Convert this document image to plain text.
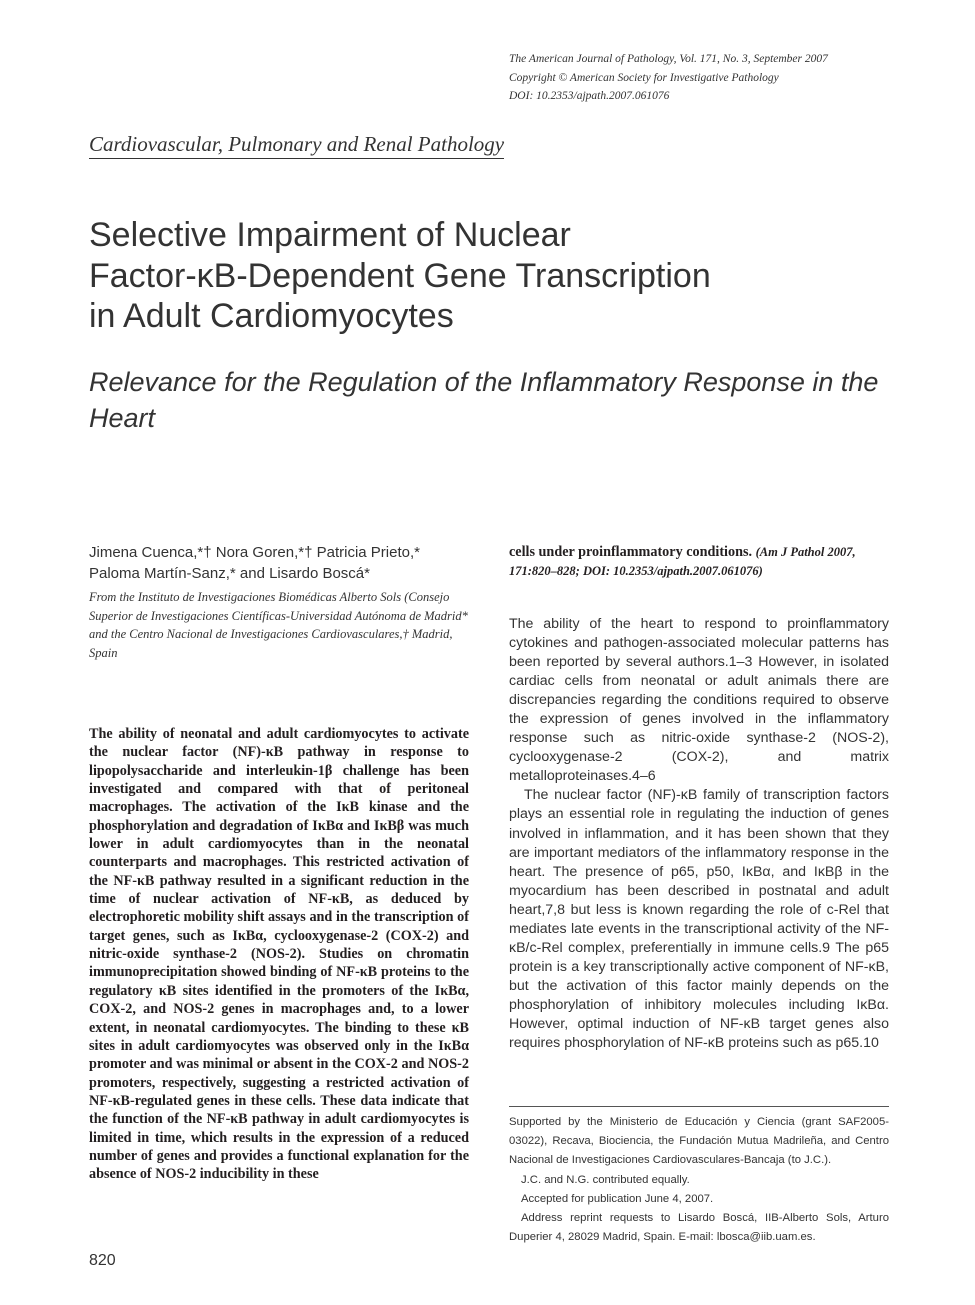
The American Journal of Pathology, Vol. 171, No. 3, September 2007
Copyright © American Society for Investigative Pathology
DOI: 10.2353/ajpath.2007.061076
Cardiovascular, Pulmonary and Renal Pathology
Selective Impairment of Nuclear
Factor-κB-Dependent Gene Transcription
in Adult Cardiomyocytes
Relevance for the Regulation of the Inflammatory Response in the Heart
Jimena Cuenca,*† Nora Goren,*† Patricia Prieto,*
Paloma Martín-Sanz,* and Lisardo Boscá*
From the Instituto de Investigaciones Biomédicas Alberto Sols (Consejo Superior de Investigaciones Científicas-Universidad Autónoma de Madrid* and the Centro Nacional de Investigaciones Cardiovasculares,† Madrid, Spain
The ability of neonatal and adult cardiomyocytes to activate the nuclear factor (NF)-κB pathway in response to lipopolysaccharide and interleukin-1β challenge has been investigated and compared with that of peritoneal macrophages. The activation of the IκB kinase and the phosphorylation and degradation of IκBα and IκBβ was much lower in adult cardiomyocytes than in the neonatal counterparts and macrophages. This restricted activation of the NF-κB pathway resulted in a significant reduction in the time of nuclear activation of NF-κB, as deduced by electrophoretic mobility shift assays and in the transcription of target genes, such as IκBα, cyclooxygenase-2 (COX-2) and nitric-oxide synthase-2 (NOS-2). Studies on chromatin immunoprecipitation showed binding of NF-κB proteins to the regulatory κB sites identified in the promoters of the IκBα, COX-2, and NOS-2 genes in macrophages and, to a lower extent, in neonatal cardiomyocytes. The binding to these κB sites in adult cardiomyocytes was observed only in the IκBα promoter and was minimal or absent in the COX-2 and NOS-2 promoters, respectively, suggesting a restricted activation of NF-κB-regulated genes in these cells. These data indicate that the function of the NF-κB pathway in adult cardiomyocytes is limited in time, which results in the expression of a reduced number of genes and provides a functional explanation for the absence of NOS-2 inducibility in these
cells under proinflammatory conditions. (Am J Pathol 2007, 171:820–828; DOI: 10.2353/ajpath.2007.061076)

The ability of the heart to respond to proinflammatory cytokines and pathogen-associated molecular patterns has been reported by several authors.1–3 However, in isolated cardiac cells from neonatal or adult animals there are discrepancies regarding the conditions required to observe the expression of genes involved in the inflammatory response such as nitric-oxide synthase-2 (NOS-2), cyclooxygenase-2 (COX-2), and matrix metalloproteinases.4–6

The nuclear factor (NF)-κB family of transcription factors plays an essential role in regulating the induction of genes involved in inflammation, and it has been shown that they are important mediators of the inflammatory response in the heart. The presence of p65, p50, IκBα, and IκBβ in the myocardium has been described in postnatal and adult heart,7,8 but less is known regarding the role of c-Rel that mediates late events in the transcriptional activity of the NF-κB/c-Rel complex, preferentially in immune cells.9 The p65 protein is a key transcriptionally active component of NF-κB, but the activation of this factor mainly depends on the phosphorylation of inhibitory molecules including IκBα. However, optimal induction of NF-κB target genes also requires phosphorylation of NF-κB proteins such as p65.10

Supported by the Ministerio de Educación y Ciencia (grant SAF2005-03022), Recava, Biociencia, the Fundación Mutua Madrileña, and Centro Nacional de Investigaciones Cardiovasculares-Bancaja (to J.C.).

J.C. and N.G. contributed equally.

Accepted for publication June 4, 2007.

Address reprint requests to Lisardo Boscá, IIB-Alberto Sols, Arturo Duperier 4, 28029 Madrid, Spain. E-mail: lbosca@iib.uam.es.

820
